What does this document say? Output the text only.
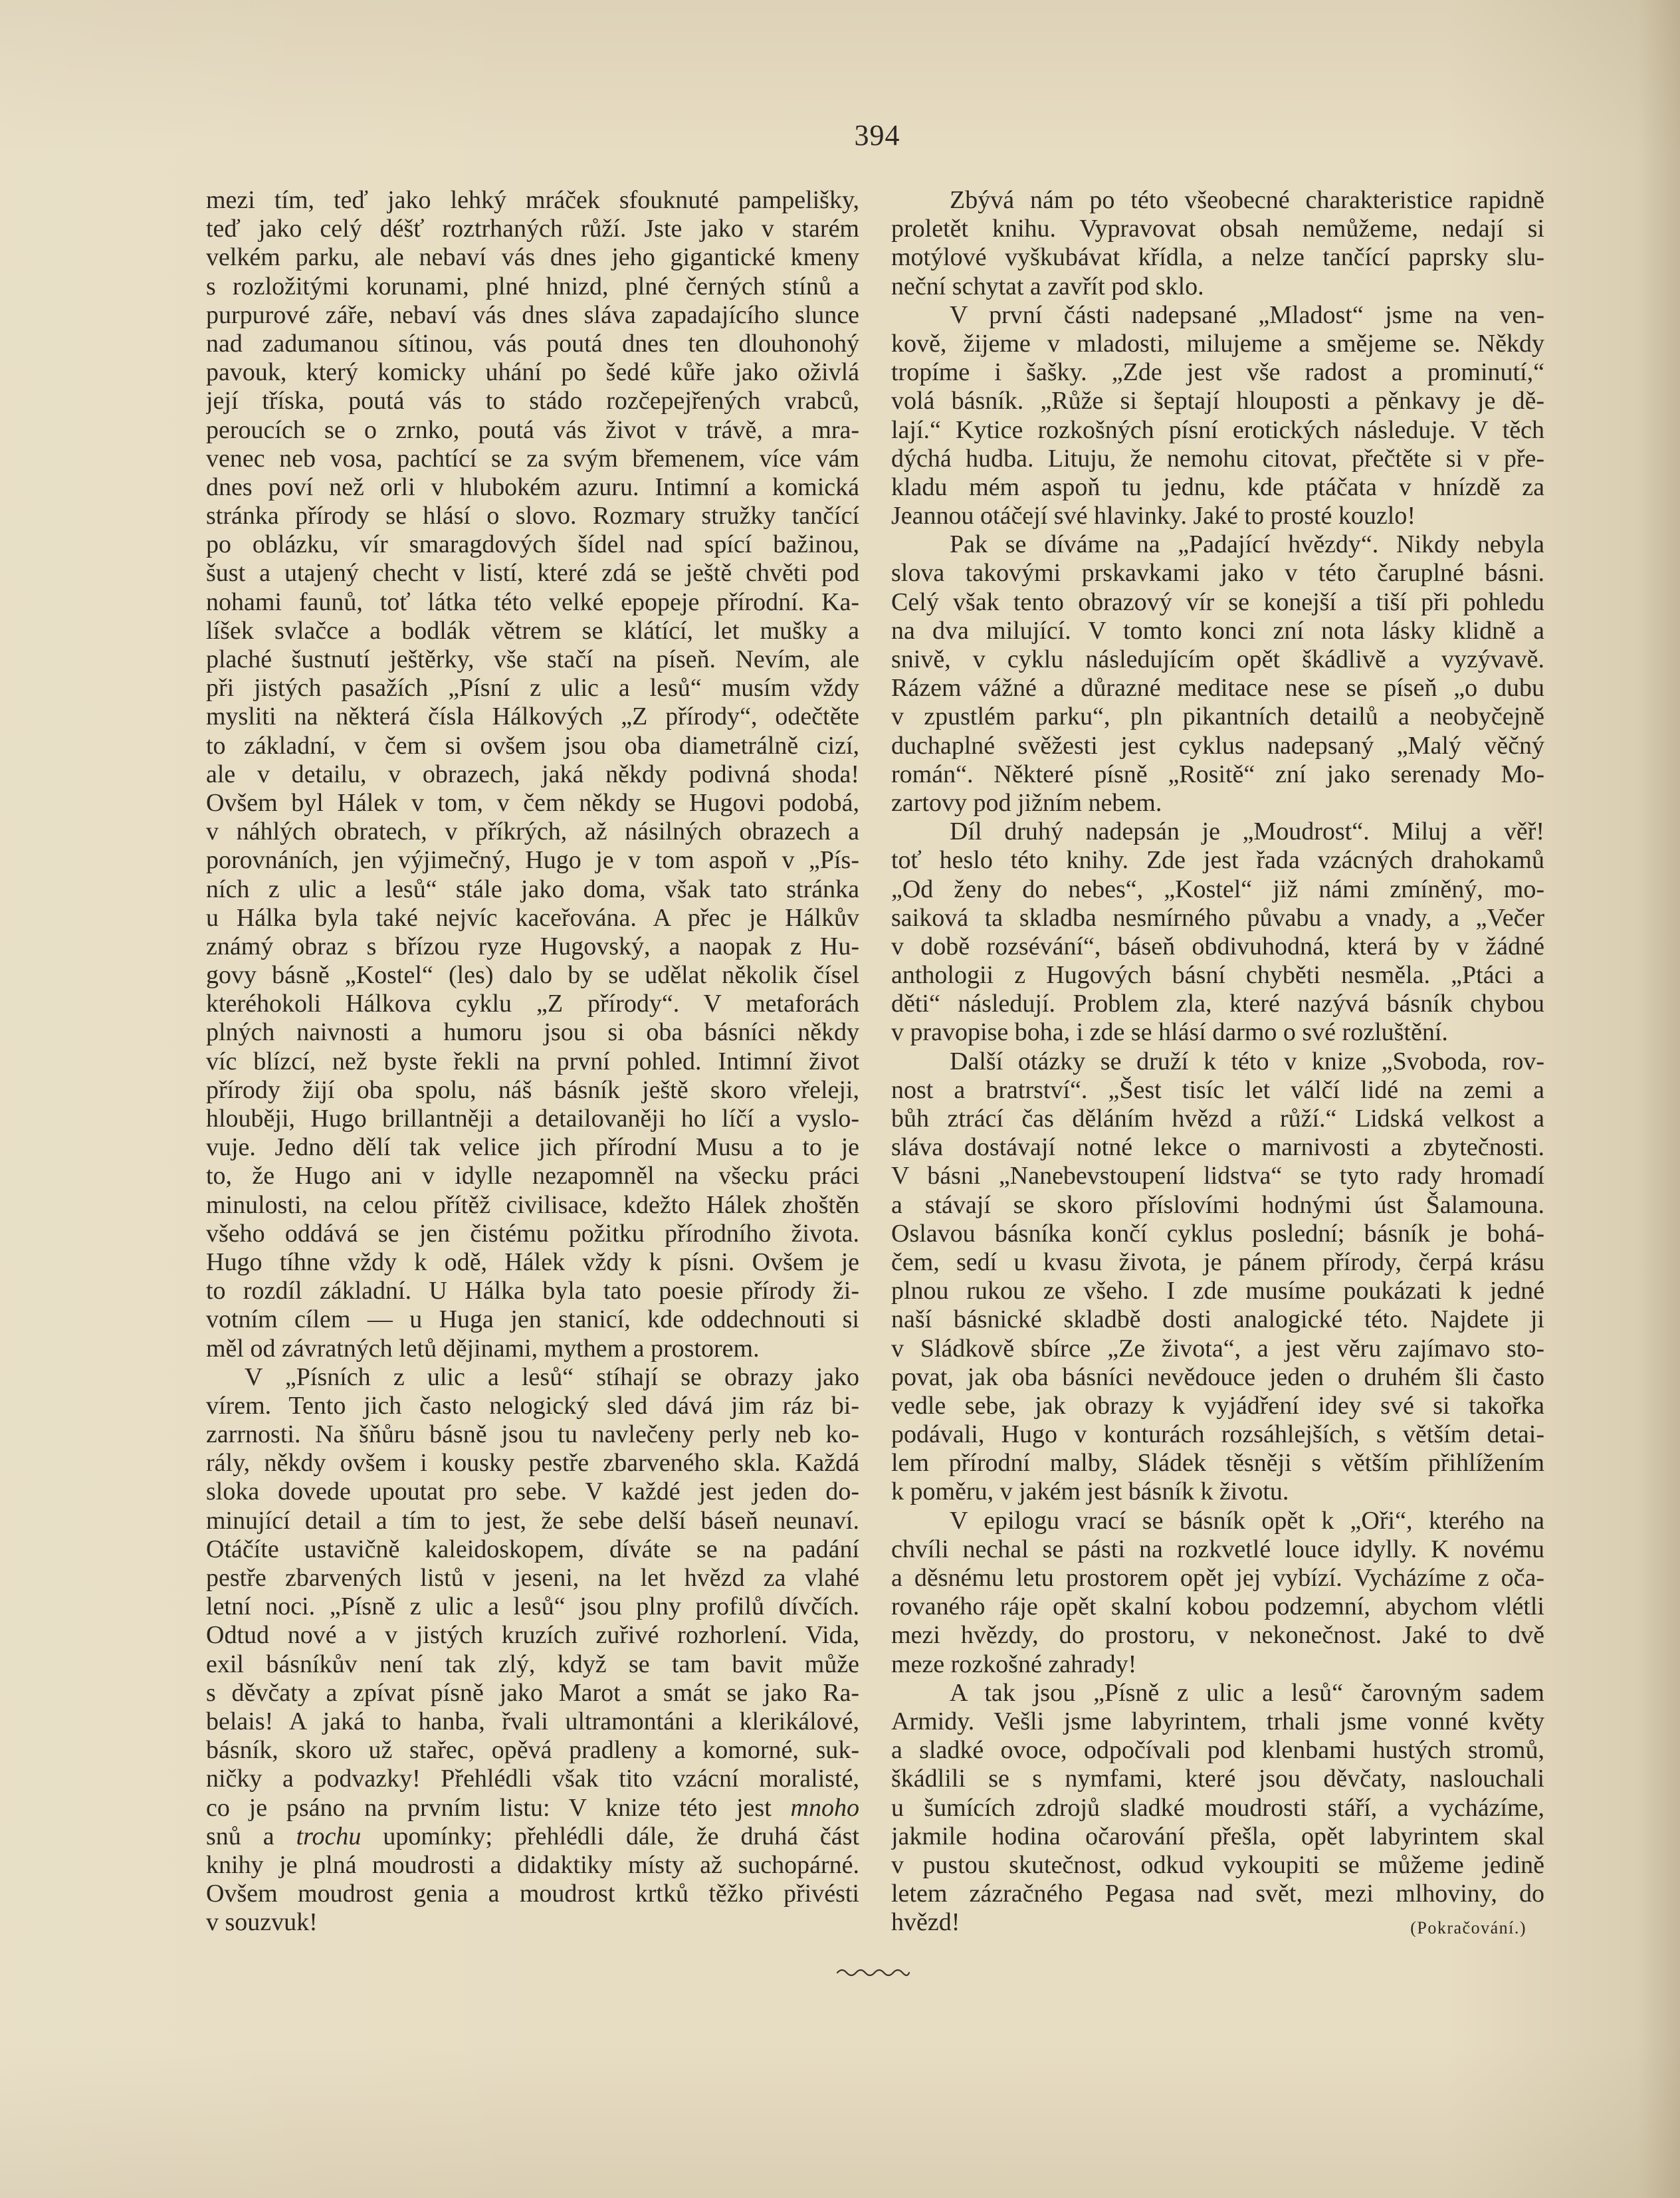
394
mezi tím, teď jako lehký mráček sfouknuté pampelišky,
teď jako celý déšť roztrhaných růží. Jste jako v starém
velkém parku, ale nebaví vás dnes jeho gigantické kmeny
s rozložitými korunami, plné hnizd, plné černých stínů a
purpurové záře, nebaví vás dnes sláva zapadajícího slunce
nad zadumanou sítinou, vás poutá dnes ten dlouhonohý
pavouk, který komicky uhání po šedé kůře jako oživlá
její tříska, poutá vás to stádo rozčepejřených vrabců,
peroucích se o zrnko, poutá vás život v trávě, a mra-
venec neb vosa, pachtící se za svým břemenem, více vám
dnes poví než orli v hlubokém azuru. Intimní a komická
stránka přírody se hlásí o slovo. Rozmary stružky tančící
po oblázku, vír smaragdových šídel nad spící bažinou,
šust a utajený checht v listí, které zdá se ještě chvěti pod
nohami faunů, toť látka této velké epopeje přírodní. Ka-
líšek svlačce a bodlák větrem se klátící, let mušky a
plaché šustnutí ještěrky, vše stačí na píseň. Nevím, ale
při jistých pasažích „Písní z ulic a lesů“ musím vždy
mysliti na některá čísla Hálkových „Z přírody“, odečtěte
to základní, v čem si ovšem jsou oba diametrálně cizí,
ale v detailu, v obrazech, jaká někdy podivná shoda!
Ovšem byl Hálek v tom, v čem někdy se Hugovi podobá,
v náhlých obratech, v příkrých, až násilných obrazech a
porovnáních, jen výjimečný, Hugo je v tom aspoň v „Pís-
ních z ulic a lesů“ stále jako doma, však tato stránka
u Hálka byla také nejvíc kaceřována. A přec je Hálkův
známý obraz s břízou ryze Hugovský, a naopak z Hu-
govy básně „Kostel“ (les) dalo by se udělat několik čísel
kteréhokoli Hálkova cyklu „Z přírody“. V metaforách
plných naivnosti a humoru jsou si oba básníci někdy
víc blízcí, než byste řekli na první pohled. Intimní život
přírody žijí oba spolu, náš básník ještě skoro vřeleji,
hlouběji, Hugo brillantněji a detailovaněji ho líčí a vyslo-
vuje. Jedno dělí tak velice jich přírodní Musu a to je
to, že Hugo ani v idylle nezapomněl na všecku práci
minulosti, na celou přítěž civilisace, kdežto Hálek zhoštěn
všeho oddává se jen čistému požitku přírodního života.
Hugo tíhne vždy k odě, Hálek vždy k písni. Ovšem je
to rozdíl základní. U Hálka byla tato poesie přírody ži-
votním cílem — u Huga jen stanicí, kde oddechnouti si
měl od závratných letů dějinami, mythem a prostorem.
V „Písních z ulic a lesů“ stíhají se obrazy jako
vírem. Tento jich často nelogický sled dává jim ráz bi-
zarrnosti. Na šňůru básně jsou tu navlečeny perly neb ko-
rály, někdy ovšem i kousky pestře zbarveného skla. Každá
sloka dovede upoutat pro sebe. V každé jest jeden do-
minující detail a tím to jest, že sebe delší báseň neunaví.
Otáčíte ustavičně kaleidoskopem, díváte se na padání
pestře zbarvených listů v jeseni, na let hvězd za vlahé
letní noci. „Písně z ulic a lesů“ jsou plny profilů dívčích.
Odtud nové a v jistých kruzích zuřivé rozhorlení. Vida,
exil básníkův není tak zlý, když se tam bavit může
s děvčaty a zpívat písně jako Marot a smát se jako Ra-
belais! A jaká to hanba, řvali ultramontáni a klerikálové,
básník, skoro už stařec, opěvá pradleny a komorné, suk-
ničky a podvazky! Přehlédli však tito vzácní moralisté,
co je psáno na prvním listu: V knize této jest mnoho
snů a trochu upomínky; přehlédli dále, že druhá část
knihy je plná moudrosti a didaktiky místy až suchopárné.
Ovšem moudrost genia a moudrost krtků těžko přivésti
v souzvuk!
Zbývá nám po této všeobecné charakteristice rapidně
proletět knihu. Vypravovat obsah nemůžeme, nedají si
motýlové vyškubávat křídla, a nelze tančící paprsky slu-
neční schytat a zavřít pod sklo.
V první části nadepsané „Mladost“ jsme na ven-
kově, žijeme v mladosti, milujeme a smějeme se. Někdy
tropíme i šašky. „Zde jest vše radost a prominutí,“
volá básník. „Růže si šeptají hlouposti a pěnkavy je dě-
lají.“ Kytice rozkošných písní erotických následuje. V těch
dýchá hudba. Lituju, že nemohu citovat, přečtěte si v pře-
kladu mém aspoň tu jednu, kde ptáčata v hnízdě za
Jeannou otáčejí své hlavinky. Jaké to prosté kouzlo!
Pak se díváme na „Padající hvězdy“. Nikdy nebyla
slova takovými prskavkami jako v této čaruplné básni.
Celý však tento obrazový vír se konejší a tiší při pohledu
na dva milující. V tomto konci zní nota lásky klidně a
snivě, v cyklu následujícím opět škádlivě a vyzývavě.
Rázem vážné a důrazné meditace nese se píseň „o dubu
v zpustlém parku“, pln pikantních detailů a neobyčejně
duchaplné svěžesti jest cyklus nadepsaný „Malý věčný
román“. Některé písně „Rositě“ zní jako serenady Mo-
zartovy pod jižním nebem.
Díl druhý nadepsán je „Moudrost“. Miluj a věř!
toť heslo této knihy. Zde jest řada vzácných drahokamů
„Od ženy do nebes“, „Kostel“ již námi zmíněný, mo-
saiková ta skladba nesmírného půvabu a vnady, a „Večer
v době rozsévání“, báseň obdivuhodná, která by v žádné
anthologii z Hugových básní chyběti nesměla. „Ptáci a
děti“ následují. Problem zla, které nazývá básník chybou
v pravopise boha, i zde se hlásí darmo o své rozluštění.
Další otázky se druží k této v knize „Svoboda, rov-
nost a bratrství“. „Šest tisíc let válčí lidé na zemi a
bůh ztrácí čas děláním hvězd a růží.“ Lidská velkost a
sláva dostávají notné lekce o marnivosti a zbytečnosti.
V básni „Nanebevstoupení lidstva“ se tyto rady hromadí
a stávají se skoro příslovími hodnými úst Šalamouna.
Oslavou básníka končí cyklus poslední; básník je bohá-
čem, sedí u kvasu života, je pánem přírody, čerpá krásu
plnou rukou ze všeho. I zde musíme poukázati k jedné
naší básnické skladbě dosti analogické této. Najdete ji
v Sládkově sbírce „Ze života“, a jest věru zajímavo sto-
povat, jak oba básníci nevědouce jeden o druhém šli často
vedle sebe, jak obrazy k vyjádření idey své si takořka
podávali, Hugo v konturách rozsáhlejších, s větším detai-
lem přírodní malby, Sládek těsněji s větším přihlížením
k poměru, v jakém jest básník k životu.
V epilogu vrací se básník opět k „Oři“, kterého na
chvíli nechal se pásti na rozkvetlé louce idylly. K novému
a děsnému letu prostorem opět jej vybízí. Vycházíme z oča-
rovaného ráje opět skalní kobou podzemní, abychom vlétli
mezi hvězdy, do prostoru, v nekonečnost. Jaké to dvě
meze rozkošné zahrady!
A tak jsou „Písně z ulic a lesů“ čarovným sadem
Armidy. Vešli jsme labyrintem, trhali jsme vonné květy
a sladké ovoce, odpočívali pod klenbami hustých stromů,
škádlili se s nymfami, které jsou děvčaty, naslouchali
u šumících zdrojů sladké moudrosti stáří, a vycházíme,
jakmile hodina očarování přešla, opět labyrintem skal
v pustou skutečnost, odkud vykoupiti se můžeme jedině
letem zázračného Pegasa nad svět, mezi mlhoviny, do
hvězd!	(Pokračování.)
